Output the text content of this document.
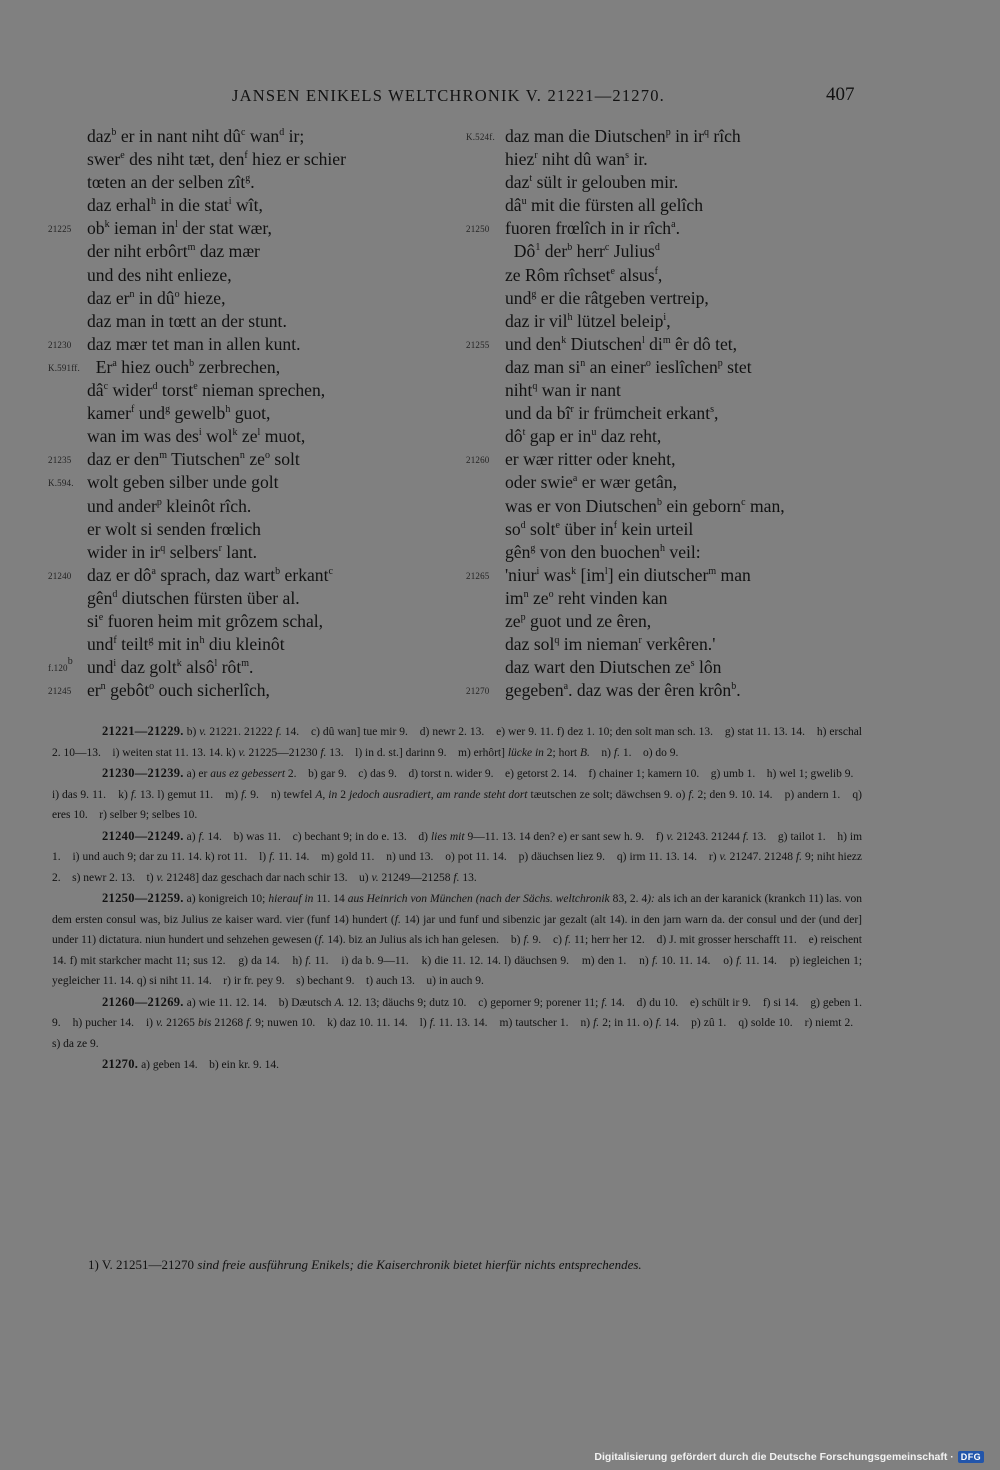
JANSEN ENIKELS WELTCHRONIK V. 21221—21270.	407
daz$^b$ er in nant niht $dû^c$ wan$^d$ ir;
swer$^e$ des niht tæt, den$^f$ hiez er schier
tœten an der selben zît$^g$.
daz erhal$^h$ in die stat$^i$ wît,
21225 $ob^k$ ieman $in^l$ der stat wær,
der niht erbôrt$^m$ daz mær
und des niht enlieze,
daz $er^n$ in $dû^o$ hieze,
daz man in tœtt an der stunt.
21230 daz mær tet man in allen kunt.
K.591ff. Er$^a$ hiez ouch$^b$ zerbrechen,
$dâ^c$ wider$^d$ torst$^e$ nieman sprechen,
kamer$^f$ und$^g$ gewelb$^h$ guot,
wan im was des$^i$ wol$^k$ $ze^l$ muot,
21235 daz er den$^m$ Tiutschen$^n$ $ze^o$ solt
K.594. wolt geben silber unde golt
und ander$^p$ kleinôt rîch.
er wolt si senden frœlich
wider in $ir^q$ selbers$^r$ lant.
21240 daz er $dô^a$ sprach, daz wart$^b$ erkant$^c$
gên$^d$ diutschen fürsten über al.
$si^e$ fuoren heim mit grôzem schal,
und$^f$ teilt$^g$ mit $in^h$ diu kleinôt
f.120$^b$ und$^i$ daz golt$^k$ alsô$^l$ rôt$^m$.
21245 $er^n$ gebôt$^o$ ouch sicherlîch,
K.524f. daz man die Diutschen$^p$ in $ir^q$ rîch
hiez$^r$ niht dû wan$^s$ ir.
daz$^t$ sült ir gelouben mir.
$dâ^u$ mit die fürsten all gelîch
21250 fuoren frœlîch in ir rîch$^a$.
$Dô^1$ der$^b$ herr$^c$ Julius$^d$
ze Rôm rîchset$^e$ alsus$^f$,
und$^g$ er die râtgeben vertreip,
daz ir vil$^h$ lützel beleip$^i$,
21255 und den$^k$ Diutschen$^l$ $di^m$ êr dô tet,
daz man $si^n$ an einer$^o$ ieslîchen$^p$ stet
niht$^q$ wan ir nant
und da $bî^r$ ir frümcheit erkant$^s$,
$dô^t$ gap er $in^u$ daz reht,
21260 er wær ritter oder kneht,
oder swie$^a$ er wær getân,
was er von Diutschen$^b$ ein geborn$^c$ man,
$so^d$ solt$^e$ über $in^f$ kein urteil
gên$^g$ von den buochen$^h$ veil:
21265 'niur$^i$ was$^k$ $[im^l]$ ein diutscher$^m$ man
$im^n$ $ze^o$ reht vinden kan
$ze^p$ guot und ze êren,
daz sol$^q$ im nieman$^r$ verkêren.'
daz wart den Diutschen $ze^s$ lôn
21270 gegeben$^a$. daz was der êren krôn$^b$.

21221—21229. b) v. 21221. 21222 f. 14.    c) dû wan] tue mir 9.    d) newr 2. 13.    e) wer 9. 11. f) dez 1. 10; den solt man sch. 13.    g) stat 11. 13. 14.    h) erschal 2. 10—13.    i) weiten stat 11. 13. 14. k) v. 21225—21230 f. 13.    l) in d. st.] darinn 9.    m) erhôrt] lücke in 2; hort B.    n) f. 1.    o) do 9.

21230—21239. a) er aus ez gebessert 2.    b) gar 9.    c) das 9.    d) torst n. wider 9.    e) getorst 2. 14.    f) chainer 1; kamern 10.    g) umb 1.    h) wel 1; gwelib 9.    i) das 9. 11.    k) f. 13. l) gemut 11.    m) f. 9.    n) tewfel A, in 2 jedoch ausradiert, am rande steht dort tæutschen ze solt; däwchsen 9. o) f. 2; den 9. 10. 14.    p) andern 1.    q) eres 10.    r) selber 9; selbes 10.

21240—21249. a) f. 14.    b) was 11.    c) bechant 9; in do e. 13.    d) lies mit 9—11. 13. 14 den? e) er sant sew h. 9.    f) v. 21243. 21244 f. 13.    g) tailot 1.    h) im 1.    i) und auch 9; dar zu 11. 14. k) rot 11.    l) f. 11. 14.    m) gold 11.    n) und 13.    o) pot 11. 14.    p) däuchsen liez 9.    q) irm 11. 13. 14.    r) v. 21247. 21248 f. 9; niht hiezz 2.    s) newr 2. 13.    t) v. 21248] daz geschach dar nach schir 13.    u) v. 21249—21258 f. 13.

21250—21259. a) konigreich 10; hierauf in 11. 14 aus Heinrich von München (nach der Sächs. weltchronik 83, 2. 4): als ich an der karanick (krankch 11) las. von dem ersten consul was, biz Julius ze kaiser ward. vier (funf 14) hundert (f. 14) jar und funf und sibenzic jar gezalt (alt 14). in den jarn warn da. der consul und der (und der] under 11) dictatura. niun hundert und sehzehen gewesen (f. 14). biz an Julius als ich han gelesen.    b) f. 9.    c) f. 11; herr her 12.    d) J. mit grosser herschafft 11.    e) reischent 14. f) mit starkcher macht 11; sus 12.    g) da 14.    h) f. 11.    i) da b. 9—11.    k) die 11. 12. 14. l) däuchsen 9.    m) den 1.    n) f. 10. 11. 14.    o) f. 11. 14.    p) iegleichen 1; yegleicher 11. 14. q) si niht 11. 14.    r) ir fr. pey 9.    s) bechant 9.    t) auch 13.    u) in auch 9.

21260—21269. a) wie 11. 12. 14.    b) Dæutsch A. 12. 13; däuchs 9; dutz 10.    c) geporner 9; porener 11; f. 14.    d) du 10.    e) schült ir 9.    f) si 14.    g) geben 1. 9.    h) pucher 14.    i) v. 21265 bis 21268 f. 9; nuwen 10.    k) daz 10. 11. 14.    l) f. 11. 13. 14.    m) tautscher 1.    n) f. 2; in 11. o) f. 14.    p) zû 1.    q) solde 10.    r) niemt 2.    s) da ze 9.

21270. a) geben 14.    b) ein kr. 9. 14.

1) V. 21251—21270 sind freie ausführung Enikels; die Kaiserchronik bietet hierfür nichts entsprechendes.
Digitalisierung gefördert durch die Deutsche Forschungsgemeinschaft · DFG
